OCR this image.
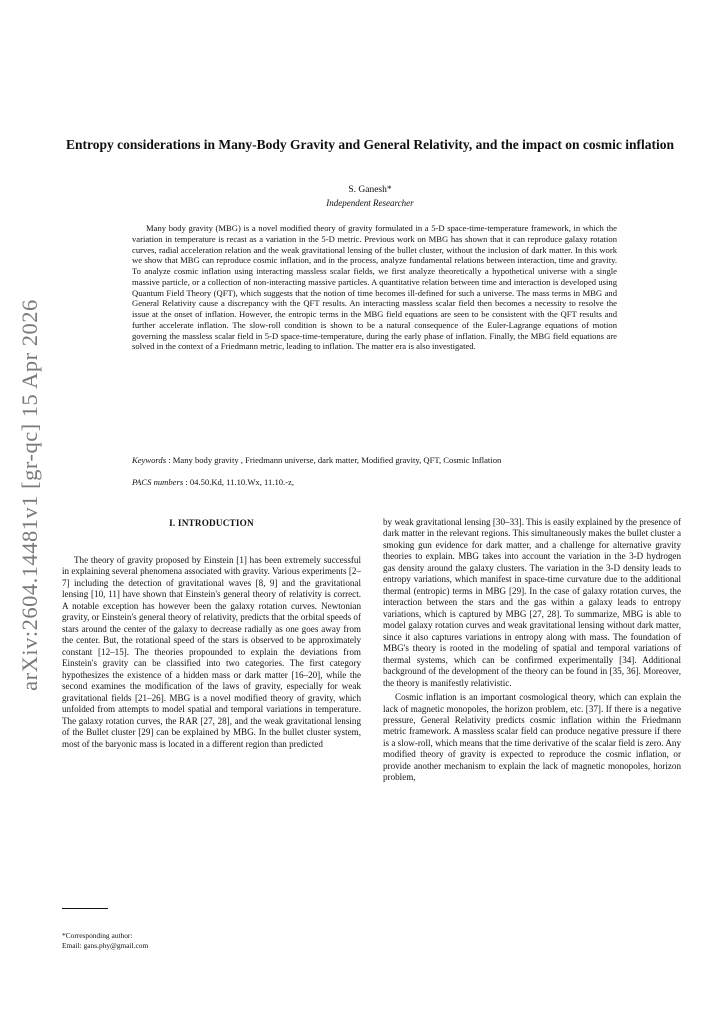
arXiv:2604.14481v1 [gr-qc] 15 Apr 2026
Entropy considerations in Many-Body Gravity and General Relativity, and the impact on cosmic inflation
S. Ganesh*
Independent Researcher

Many body gravity (MBG) is a novel modified theory of gravity formulated in a 5-D space-time-temperature framework, in which the variation in temperature is recast as a variation in the 5-D metric. Previous work on MBG has shown that it can reproduce galaxy rotation curves, radial acceleration relation and the weak gravitational lensing of the bullet cluster, without the inclusion of dark matter. In this work we show that MBG can reproduce cosmic inflation, and in the process, analyze fundamental relations between interaction, time and gravity. To analyze cosmic inflation using interacting massless scalar fields, we first analyze theoretically a hypothetical universe with a single massive particle, or a collection of non-interacting massive particles. A quantitative relation between time and interaction is developed using Quantum Field Theory (QFT), which suggests that the notion of time becomes ill-defined for such a universe. The mass terms in MBG and General Relativity cause a discrepancy with the QFT results. An interacting massless scalar field then becomes a necessity to resolve the issue at the onset of inflation. However, the entropic terms in the MBG field equations are seen to be consistent with the QFT results and further accelerate inflation. The slow-roll condition is shown to be a natural consequence of the Euler-Lagrange equations of motion governing the massless scalar field in 5-D space-time-temperature, during the early phase of inflation. Finally, the MBG field equations are solved in the context of a Friedmann metric, leading to inflation. The matter era is also investigated.

Keywords : Many body gravity , Friedmann universe, dark matter, Modified gravity, QFT, Cosmic Inflation
PACS numbers : 04.50.Kd, 11.10.Wx, 11.10.-z,
I. INTRODUCTION

The theory of gravity proposed by Einstein [1] has been extremely successful in explaining several phenomena associated with gravity. Various experiments [2–7] including the detection of gravitational waves [8, 9] and the gravitational lensing [10, 11] have shown that Einstein's general theory of relativity is correct. A notable exception has however been the galaxy rotation curves. Newtonian gravity, or Einstein's general theory of relativity, predicts that the orbital speeds of stars around the center of the galaxy to decrease radially as one goes away from the center. But, the rotational speed of the stars is observed to be approximately constant [12–15]. The theories propounded to explain the deviations from Einstein's gravity can be classified into two categories. The first category hypothesizes the existence of a hidden mass or dark matter [16–20], while the second examines the modification of the laws of gravity, especially for weak gravitational fields [21–26]. MBG is a novel modified theory of gravity, which unfolded from attempts to model spatial and temporal variations in temperature. The galaxy rotation curves, the RAR [27, 28], and the weak gravitational lensing of the Bullet cluster [29] can be explained by MBG. In the bullet cluster system, most of the baryonic mass is located in a different region than predicted

by weak gravitational lensing [30–33]. This is easily explained by the presence of dark matter in the relevant regions. This simultaneously makes the bullet cluster a smoking gun evidence for dark matter, and a challenge for alternative gravity theories to explain. MBG takes into account the variation in the 3-D hydrogen gas density around the galaxy clusters. The variation in the 3-D density leads to entropy variations, which manifest in space-time curvature due to the additional thermal (entropic) terms in MBG [29]. In the case of galaxy rotation curves, the interaction between the stars and the gas within a galaxy leads to entropy variations, which is captured by MBG [27, 28]. To summarize, MBG is able to model galaxy rotation curves and weak gravitational lensing without dark matter, since it also captures variations in entropy along with mass. The foundation of MBG's theory is rooted in the modeling of spatial and temporal variations of thermal systems, which can be confirmed experimentally [34]. Additional background of the development of the theory can be found in [35, 36]. Moreover, the theory is manifestly relativistic.

Cosmic inflation is an important cosmological theory, which can explain the lack of magnetic monopoles, the horizon problem, etc. [37]. If there is a negative pressure, General Relativity predicts cosmic inflation within the Friedmann metric framework. A massless scalar field can produce negative pressure if there is a slow-roll, which means that the time derivative of the scalar field is zero. Any modified theory of gravity is expected to reproduce the cosmic inflation, or provide another mechanism to explain the lack of magnetic monopoles, horizon problem,

*Corresponding author:
Email: gans.phy@gmail.com
